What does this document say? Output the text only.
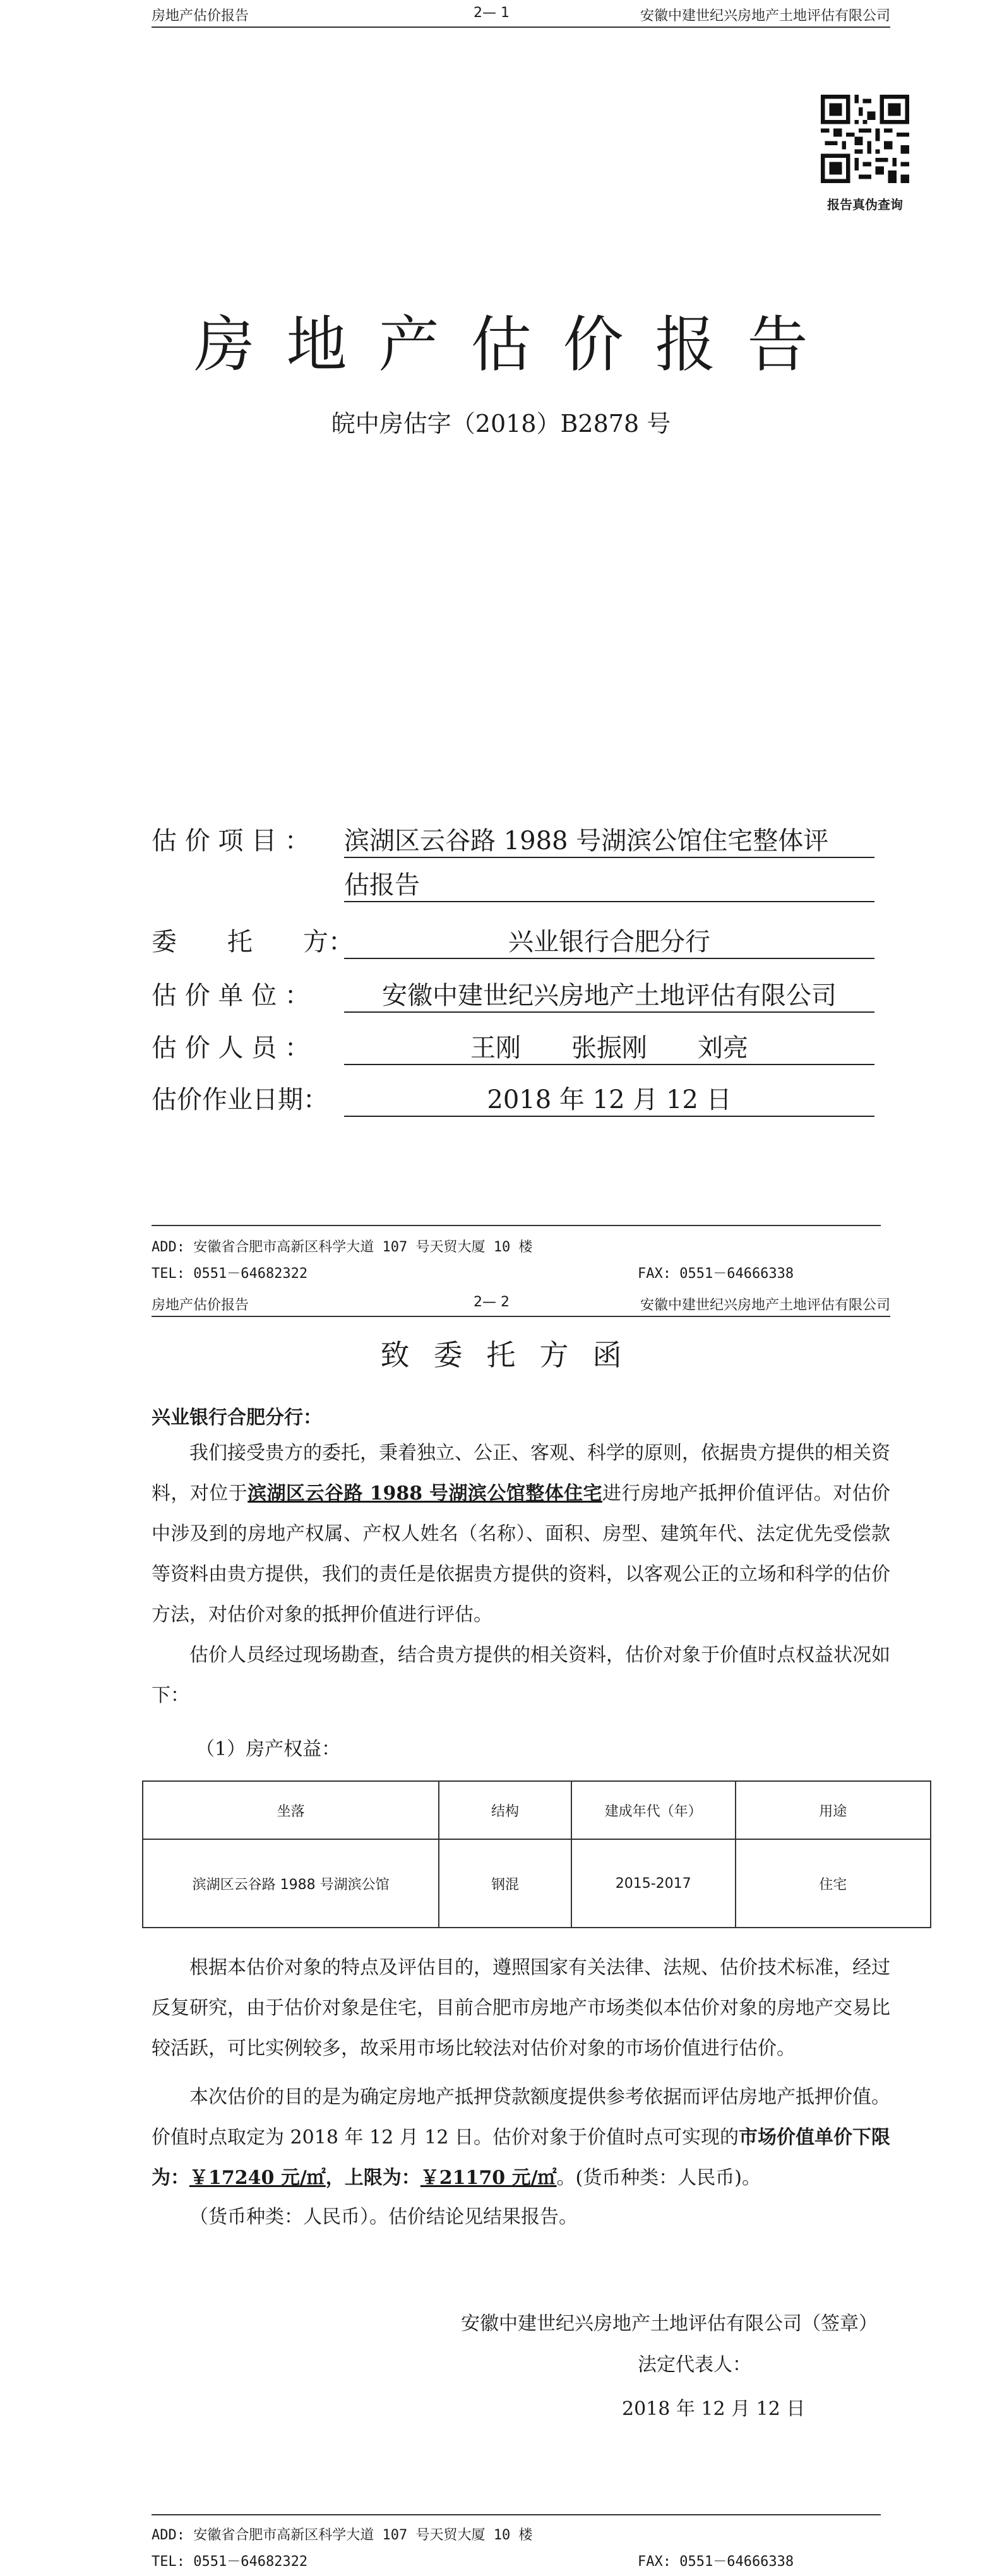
房地产估价报告	2— 1	安徽中建世纪兴房地产土地评估有限公司
报告真伪查询
房地产估价报告
皖中房估字（2018）B2878 号
估 价 项 目 ： 滨湖区云谷路 1988 号湖滨公馆住宅整体评
估报告
委　　托　　方：	兴业银行合肥分行
估 价 单 位 ：	安徽中建世纪兴房地产土地评估有限公司
估 价 人 员 ：	王刚　　张振刚　　刘亮
估价作业日期：	2018 年 12 月 12 日
ADD: 安徽省合肥市高新区科学大道 107 号天贸大厦 10 楼
TEL: 0551－64682322	FAX: 0551－64666338
房地产估价报告	2— 2	安徽中建世纪兴房地产土地评估有限公司
致委托方函
兴业银行合肥分行：
我们接受贵方的委托，秉着独立、公正、客观、科学的原则，依据贵方提供的相关资料，对位于滨湖区云谷路 1988 号湖滨公馆整体住宅进行房地产抵押价值评估。对估价中涉及到的房地产权属、产权人姓名（名称）、面积、房型、建筑年代、法定优先受偿款等资料由贵方提供，我们的责任是依据贵方提供的资料，以客观公正的立场和科学的估价方法，对估价对象的抵押价值进行评估。
估价人员经过现场勘查，结合贵方提供的相关资料，估价对象于价值时点权益状况如下：
（1）房产权益：
坐落	结构	建成年代（年）	用途
滨湖区云谷路 1988 号湖滨公馆	钢混	2015-2017	住宅
根据本估价对象的特点及评估目的，遵照国家有关法律、法规、估价技术标准，经过反复研究，由于估价对象是住宅，目前合肥市房地产市场类似本估价对象的房地产交易比较活跃，可比实例较多，故采用市场比较法对估价对象的市场价值进行估价。
本次估价的目的是为确定房地产抵押贷款额度提供参考依据而评估房地产抵押价值。价值时点取定为 2018 年 12 月 12 日。估价对象于价值时点可实现的市场价值单价下限为：￥17240 元/㎡，上限为：￥21170 元/㎡。(货币种类：人民币)。
（货币种类：人民币）。估价结论见结果报告。
安徽中建世纪兴房地产土地评估有限公司（签章）
法定代表人：
2018 年 12 月 12 日
ADD: 安徽省合肥市高新区科学大道 107 号天贸大厦 10 楼
TEL: 0551－64682322	FAX: 0551－64666338
